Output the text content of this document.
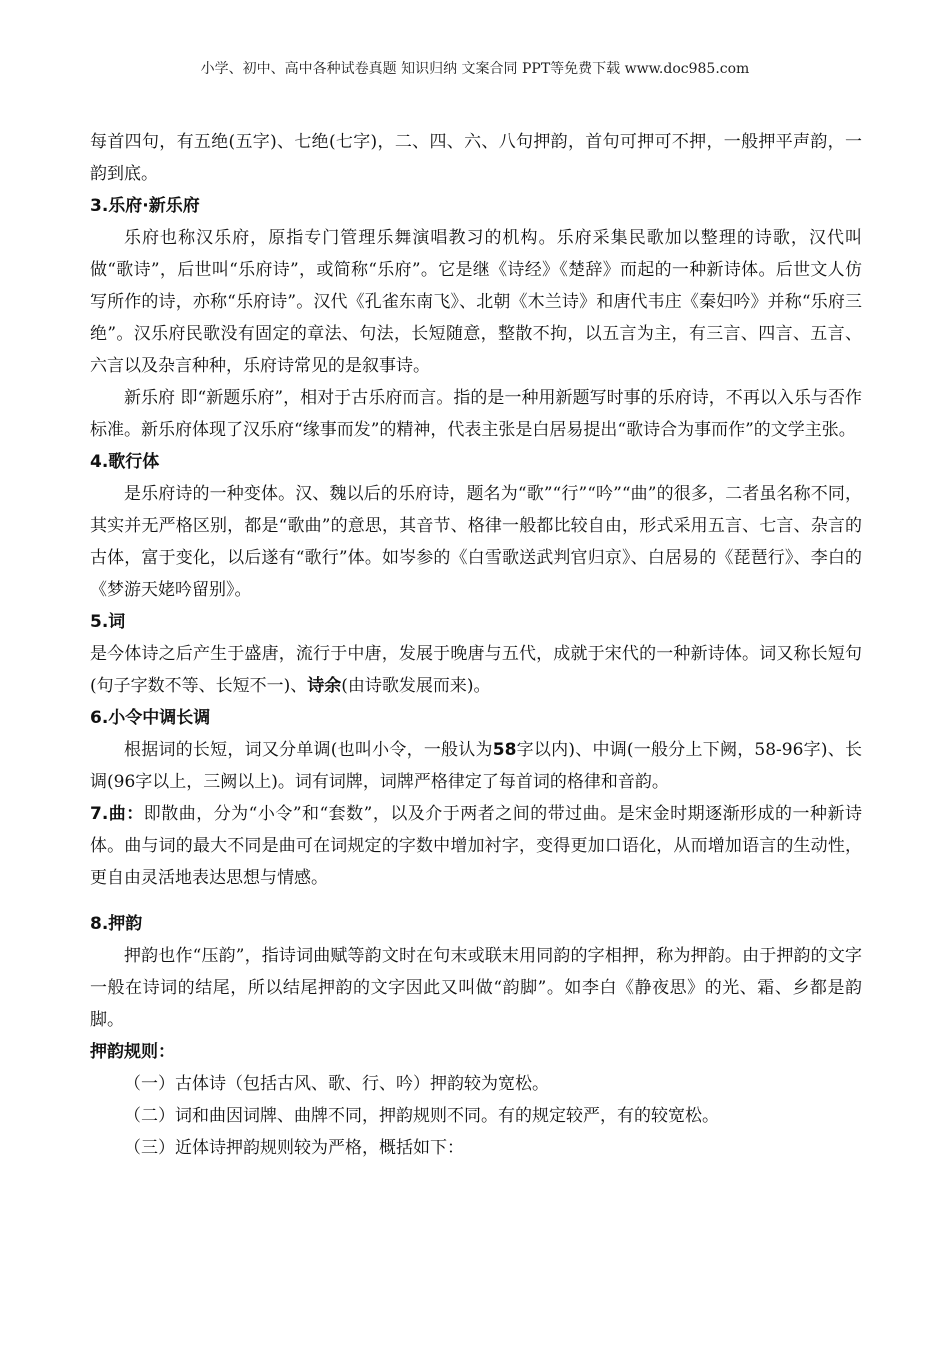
小学、初中、高中各种试卷真题 知识归纳 文案合同 PPT等免费下载 www.doc985.com

每首四句，有五绝(五字)、七绝(七字)，二、四、六、八句押韵，首句可押可不押，一般押平声韵，一韵到底。

3.乐府·新乐府

乐府也称汉乐府，原指专门管理乐舞演唱教习的机构。乐府采集民歌加以整理的诗歌，汉代叫做“歌诗”，后世叫“乐府诗”，或简称“乐府”。它是继《诗经》《楚辞》而起的一种新诗体。后世文人仿写所作的诗，亦称“乐府诗”。汉代《孔雀东南飞》、北朝《木兰诗》和唐代韦庄《秦妇吟》并称“乐府三绝”。汉乐府民歌没有固定的章法、句法，长短随意，整散不拘，以五言为主，有三言、四言、五言、六言以及杂言种种，乐府诗常见的是叙事诗。

新乐府 即“新题乐府”，相对于古乐府而言。指的是一种用新题写时事的乐府诗，不再以入乐与否作标准。新乐府体现了汉乐府“缘事而发”的精神，代表主张是白居易提出“歌诗合为事而作”的文学主张。

4.歌行体

是乐府诗的一种变体。汉、魏以后的乐府诗，题名为“歌”“行”“吟”“曲”的很多，二者虽名称不同，其实并无严格区别，都是“歌曲”的意思，其音节、格律一般都比较自由，形式采用五言、七言、杂言的古体，富于变化，以后遂有“歌行”体。如岑参的《白雪歌送武判官归京》、白居易的《琵琶行》、李白的《梦游天姥吟留别》。

5.词

是今体诗之后产生于盛唐，流行于中唐，发展于晚唐与五代，成就于宋代的一种新诗体。词又称长短句(句子字数不等、长短不一)、诗余(由诗歌发展而来)。

6.小令中调长调

根据词的长短，词又分单调(也叫小令，一般认为58字以内)、中调(一般分上下阙，58-96字)、长调(96字以上，三阙以上)。词有词牌，词牌严格律定了每首词的格律和音韵。

7.曲：即散曲，分为“小令”和“套数”，以及介于两者之间的带过曲。是宋金时期逐渐形成的一种新诗体。曲与词的最大不同是曲可在词规定的字数中增加衬字，变得更加口语化，从而增加语言的生动性，更自由灵活地表达思想与情感。

8.押韵

押韵也作“压韵”，指诗词曲赋等韵文时在句末或联末用同韵的字相押，称为押韵。由于押韵的文字一般在诗词的结尾，所以结尾押韵的文字因此又叫做“韵脚”。如李白《静夜思》的光、霜、乡都是韵脚。

押韵规则：

（一）古体诗（包括古风、歌、行、吟）押韵较为宽松。

（二）词和曲因词牌、曲牌不同，押韵规则不同。有的规定较严，有的较宽松。

（三）近体诗押韵规则较为严格，概括如下：
